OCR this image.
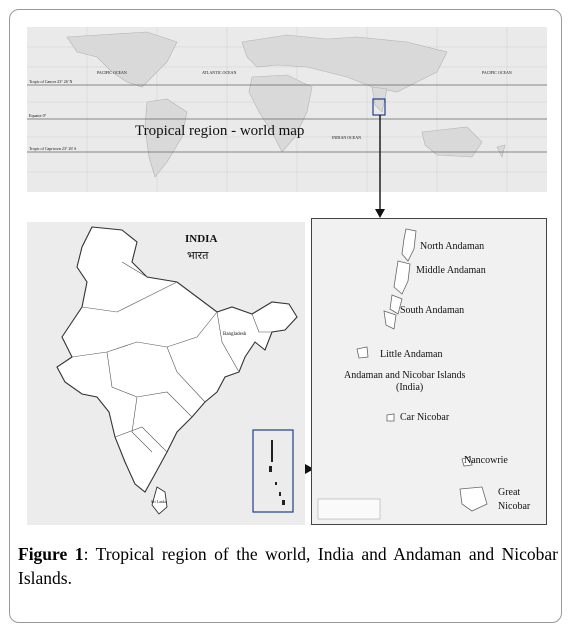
PACIFIC OCEAN	ATLANTIC OCEAN
INDIAN OCEAN
PACIFIC OCEAN
Tropic of Cancer 23° 26' N
Equator 0°
Tropic of Capricorn 23° 26' S
Tropical region - world map
INDIA
भारत
Bangladesh
Sri Lanka
North Andaman
Middle Andaman
South Andaman
Little Andaman
Andaman and Nicobar Islands
(India)
Car Nicobar
Nancowrie
Great
Nicobar
Figure 1: Tropical region of the world, India and Andaman and Nicobar Islands.
